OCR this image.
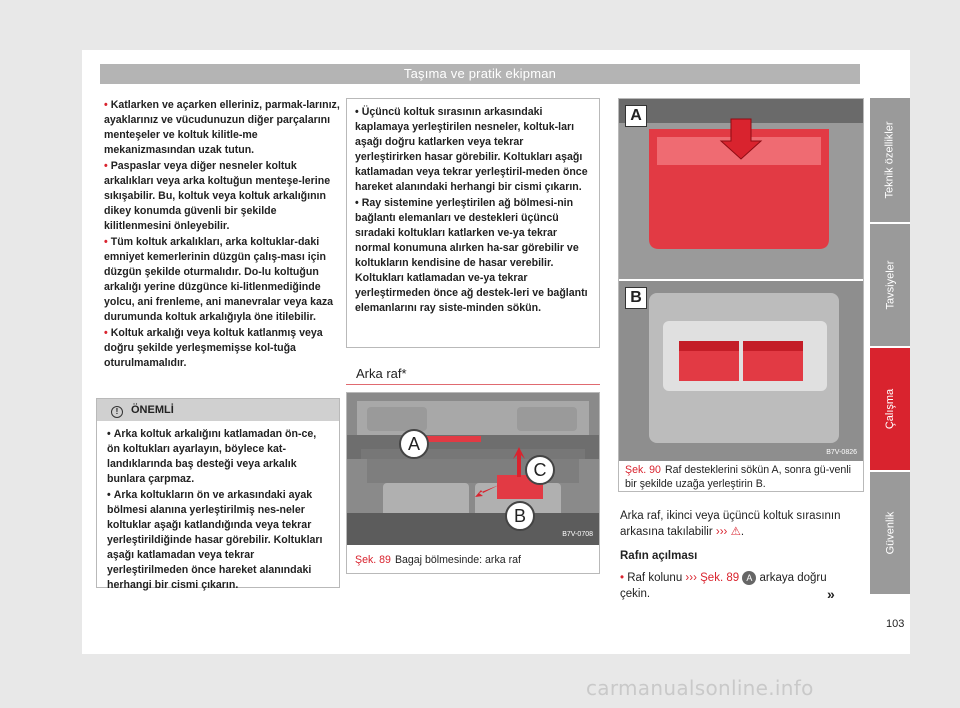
Taşıma ve pratik ekipman

• Katlarken ve açarken elleriniz, parmak-larınız, ayaklarınız ve vücudunuzun diğer parçalarını menteşeler ve koltuk kilitle-me mekanizmasından uzak tutun.

• Paspaslar veya diğer nesneler koltuk arkalıkları veya arka koltuğun menteşe-lerine sıkışabilir. Bu, koltuk veya koltuk arkalığının dikey konumda güvenli bir şekilde kilitlenmesini önleyebilir.

• Tüm koltuk arkalıkları, arka koltuklar-daki emniyet kemerlerinin düzgün çalış-ması için düzgün şekilde oturmalıdır. Do-lu koltuğun arkalığı yerine düzgünce ki-litlenmediğinde yolcu, ani frenleme, ani manevralar veya kaza durumunda koltuk arkalığıyla öne itilebilir.

• Koltuk arkalığı veya koltuk katlanmış veya doğru şekilde yerleşmemişse kol-tuğa oturulmamalıdır.

! ÖNEMLİ

• Arka koltuk arkalığını katlamadan ön-ce, ön koltukları ayarlayın, böylece kat-landıklarında baş desteği veya arkalık bunlara çarpmaz.

• Arka koltukların ön ve arkasındaki ayak bölmesi alanına yerleştirilmiş nes-neler koltuklar aşağı katlandığında veya tekrar yerleştirildiğinde hasar görebilir. Koltukları aşağı katlamadan veya tekrar yerleştirilmeden önce hareket alanındaki herhangi bir cismi çıkarın.

• Üçüncü koltuk sırasının arkasındaki kaplamaya yerleştirilen nesneler, koltuk-ları aşağı doğru katlarken veya tekrar yerleştirirken hasar görebilir. Koltukları aşağı katlamadan veya tekrar yerleştiril-meden önce hareket alanındaki herhangi bir cismi çıkarın.

• Ray sistemine yerleştirilen ağ bölmesi-nin bağlantı elemanları ve destekleri üçüncü sıradaki koltukları katlarken ve-ya tekrar normal konumuna alırken ha-sar görebilir ve koltukların kendisine de hasar verebilir. Koltukları katlamadan ve-ya tekrar yerleştirmeden önce ağ destek-leri ve bağlantı elemanlarını ray siste-minden sökün.

Arka raf*
A
B
C
B7V-0708
Şek. 89 Bagaj bölmesinde: arka raf
A
B
B7V-0826
Şek. 90 Raf desteklerini sökün A, sonra gü-venli bir şekilde uzağa yerleştirin B.
Arka raf, ikinci veya üçüncü koltuk sırasının arkasına takılabilir ››› ⚠.
Rafın açılması
• Raf kolunu ››› Şek. 89 A arkaya doğru çekin.	»
Teknik özellikler
Tavsiyeler
Çalışma
Güvenlik
103
carmanualsonline.info
